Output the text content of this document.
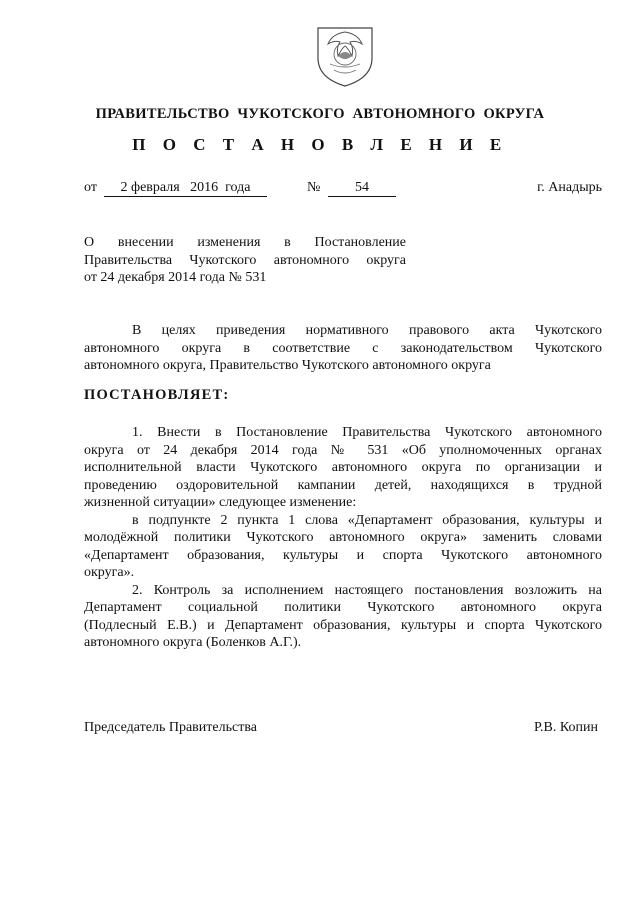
ПРАВИТЕЛЬСТВО  ЧУКОТСКОГО  АВТОНОМНОГО  ОКРУГА
П О С Т А Н О В Л Е Н И Е
от	2 февраля   2016  года	№	54	г. Анадырь
О внесении изменения в Постановление
Правительства Чукотского автономного округа
от 24 декабря 2014 года № 531
В целях приведения нормативного правового акта Чукотского
автономного округа в соответствие с законодательством Чукотского
автономного округа, Правительство Чукотского автономного округа
ПОСТАНОВЛЯЕТ:
1. Внести в Постановление Правительства Чукотского автономного
округа от 24 декабря 2014 года № 531 «Об уполномоченных органах
исполнительной власти Чукотского автономного округа по организации и
проведению оздоровительной кампании детей, находящихся в трудной
жизненной ситуации» следующее изменение:
в подпункте 2 пункта 1 слова «Департамент образования, культуры и
молодёжной политики Чукотского автономного округа» заменить словами
«Департамент образования, культуры и спорта Чукотского автономного
округа».
2. Контроль за исполнением настоящего постановления возложить на
Департамент социальной политики Чукотского автономного округа
(Подлесный Е.В.) и Департамент образования, культуры и спорта Чукотского
автономного округа (Боленков А.Г.).
Председатель Правительства	Р.В. Копин
